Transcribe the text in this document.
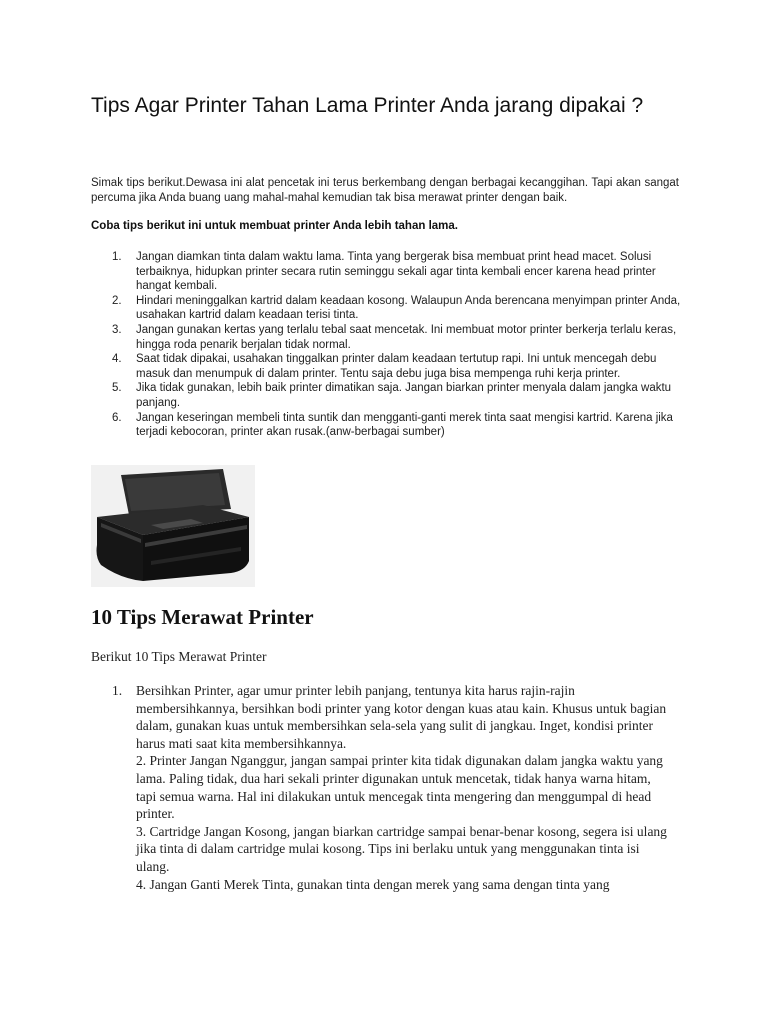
Tips Agar Printer Tahan Lama Printer Anda jarang dipakai ?

Simak tips berikut.Dewasa ini alat pencetak ini terus berkembang dengan berbagai kecanggihan. Tapi akan sangat percuma jika Anda buang uang mahal-mahal kemudian tak bisa merawat printer dengan baik.

Coba tips berikut ini untuk membuat printer Anda lebih tahan lama.

1. Jangan diamkan tinta dalam waktu lama. Tinta yang bergerak bisa membuat print head macet. Solusi terbaiknya, hidupkan printer secara rutin seminggu sekali agar tinta kembali encer karena head printer hangat kembali.
2. Hindari meninggalkan kartrid dalam keadaan kosong. Walaupun Anda berencana menyimpan printer Anda, usahakan kartrid dalam keadaan terisi tinta.
3. Jangan gunakan kertas yang terlalu tebal saat mencetak. Ini membuat motor printer berkerja terlalu keras, hingga roda penarik berjalan tidak normal.
4. Saat tidak dipakai, usahakan tinggalkan printer dalam keadaan tertutup rapi. Ini untuk mencegah debu masuk dan menumpuk di dalam printer. Tentu saja debu juga bisa mempenga ruhi kerja printer.
5. Jika tidak gunakan, lebih baik printer dimatikan saja. Jangan biarkan printer menyala dalam jangka waktu panjang.
6. Jangan keseringan membeli tinta suntik dan mengganti-ganti merek tinta saat mengisi kartrid. Karena jika terjadi kebocoran, printer akan rusak.(anw-berbagai sumber)
10 Tips Merawat Printer

Berikut 10 Tips Merawat Printer

1. Bersihkan Printer, agar umur printer lebih panjang, tentunya kita harus rajin-rajin membersihkannya, bersihkan bodi printer yang kotor dengan kuas atau kain. Khusus untuk bagian dalam, gunakan kuas untuk membersihkan sela-sela yang sulit di jangkau. Inget, kondisi printer harus mati saat kita membersihkannya.
2. Printer Jangan Nganggur, jangan sampai printer kita tidak digunakan dalam jangka waktu yang lama. Paling tidak, dua hari sekali printer digunakan untuk mencetak, tidak hanya warna hitam, tapi semua warna. Hal ini dilakukan untuk mencegak tinta mengering dan menggumpal di head printer.
3. Cartridge Jangan Kosong, jangan biarkan cartridge sampai benar-benar kosong, segera isi ulang jika tinta di dalam cartridge mulai kosong. Tips ini berlaku untuk yang menggunakan tinta isi ulang.
4. Jangan Ganti Merek Tinta, gunakan tinta dengan merek yang sama dengan tinta yang
